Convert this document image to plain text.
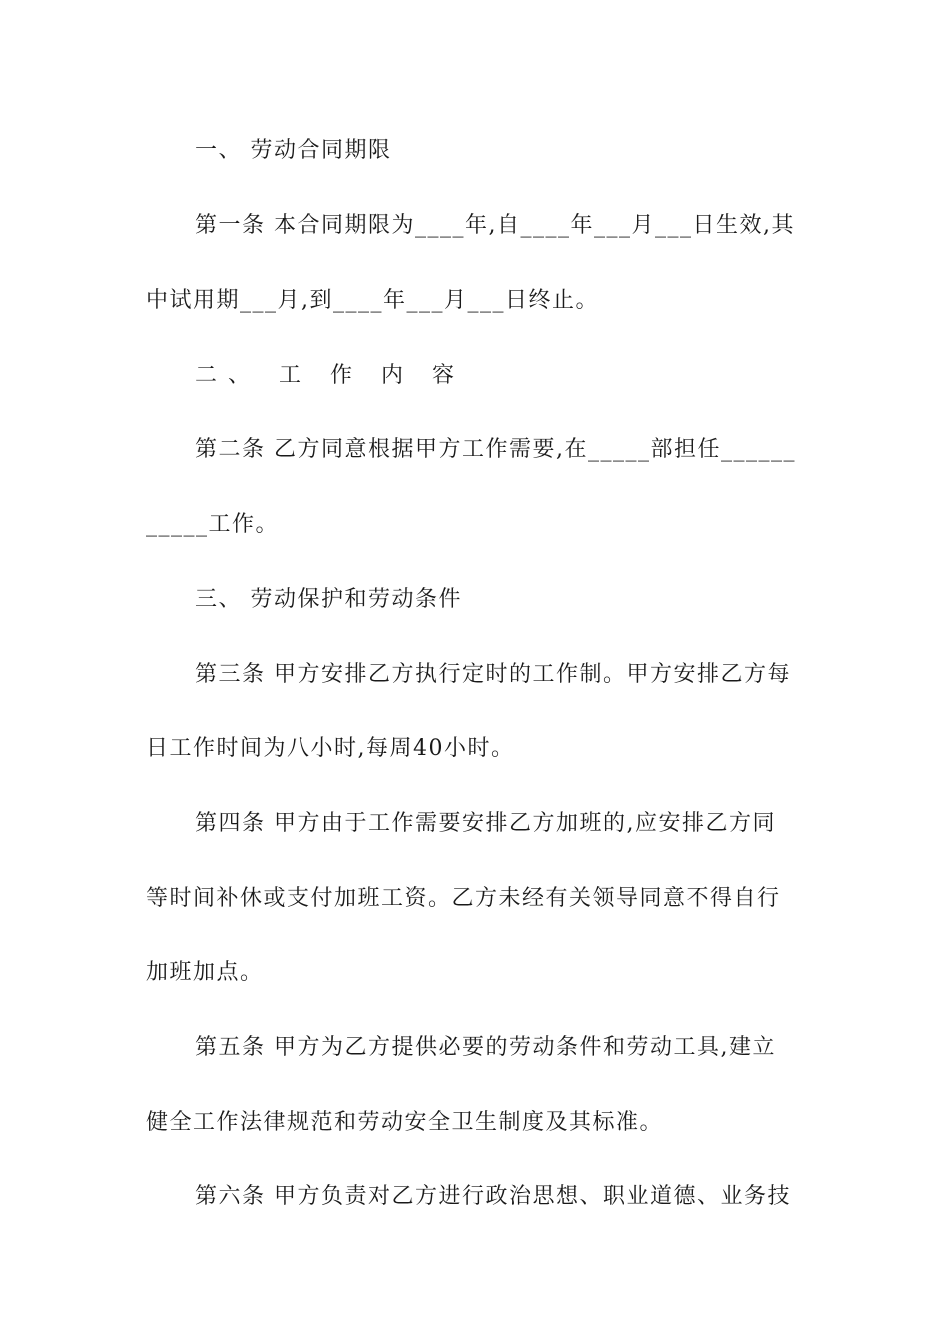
一、 劳动合同期限

第一条 本合同期限为____年,自____年___月___日生效,其

中试用期___月,到____年___月___日终止。

二、 工 作 内 容

第二条 乙方同意根据甲方工作需要,在_____部担任______

_____工作。

三、 劳动保护和劳动条件

第三条 甲方安排乙方执行定时的工作制。甲方安排乙方每

日工作时间为八小时,每周40小时。

第四条 甲方由于工作需要安排乙方加班的,应安排乙方同

等时间补休或支付加班工资。乙方未经有关领导同意不得自行

加班加点。

第五条 甲方为乙方提供必要的劳动条件和劳动工具,建立

健全工作法律规范和劳动安全卫生制度及其标准。

第六条 甲方负责对乙方进行政治思想、职业道德、业务技
